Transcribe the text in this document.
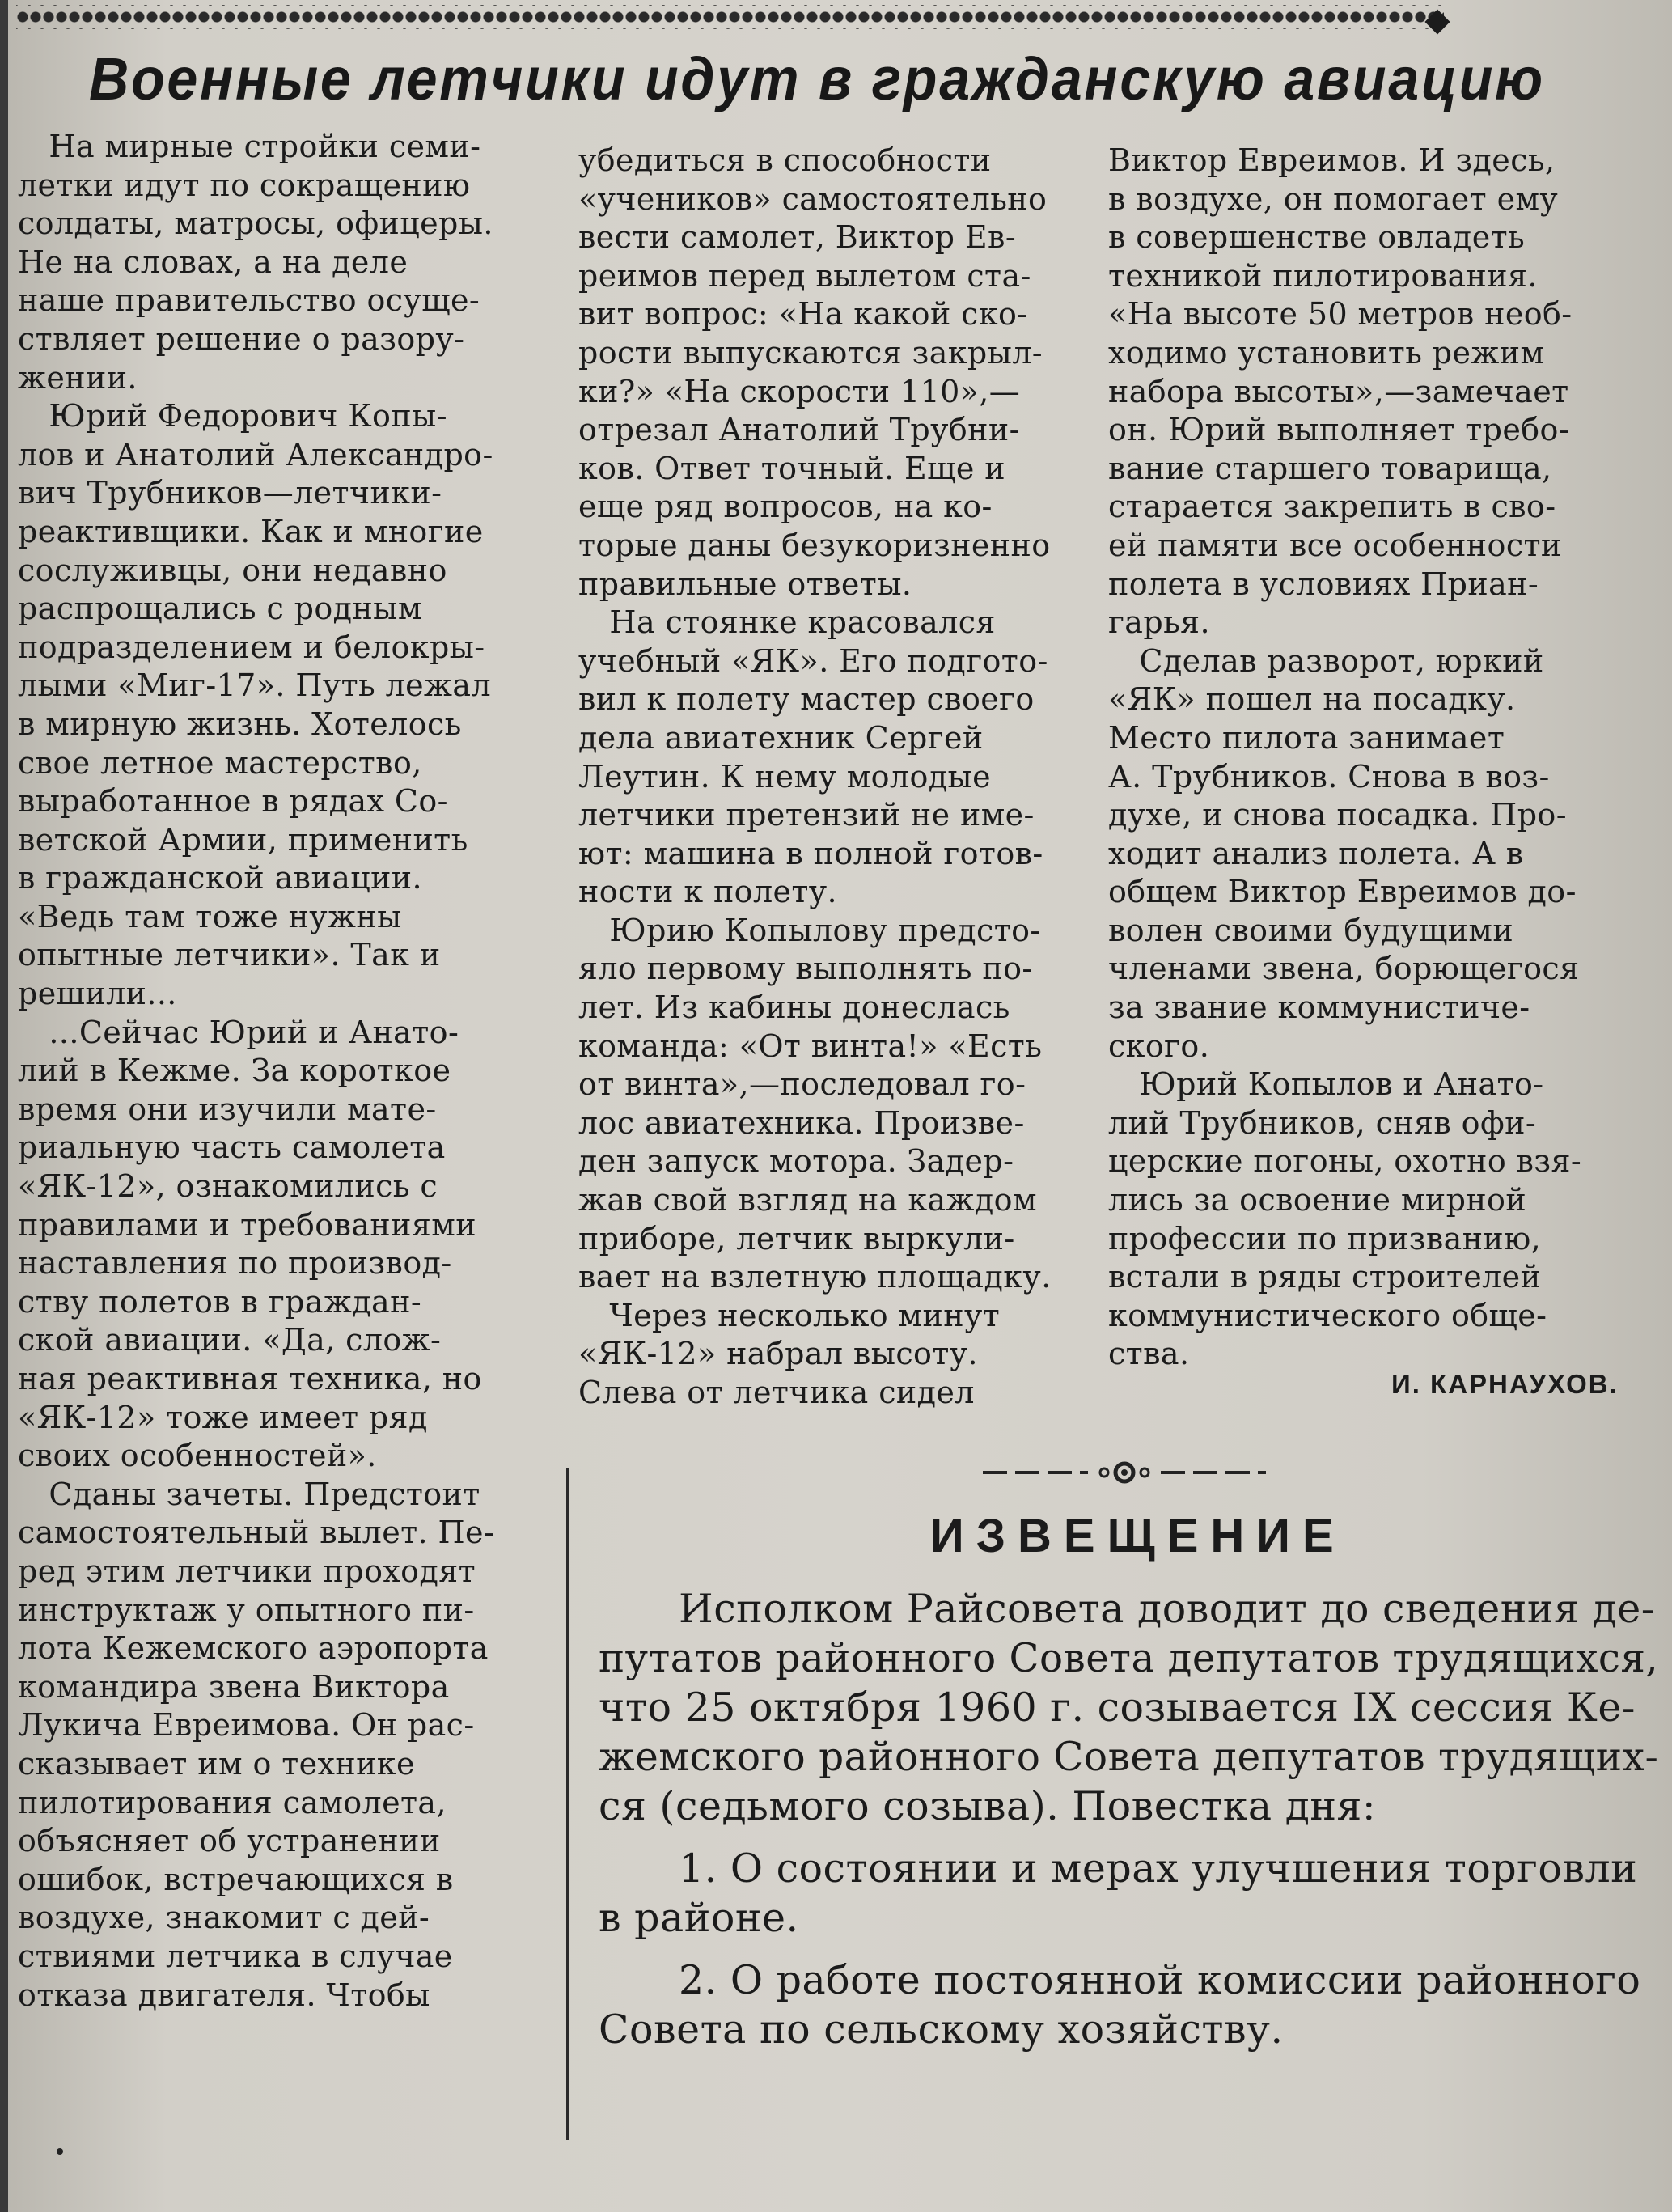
Военные летчики идут в гражданскую авиацию
 На мирные стройки семи-
летки идут по сокращению
солдаты, матросы, офицеры.
Не на словах, а на деле
наше правительство осуще-
ствляет решение о разору-
жении.
 Юрий Федорович Копы-
лов и Анатолий Александро-
вич Трубников—летчики-
реактивщики. Как и многие
сослуживцы, они недавно
распрощались с родным
подразделением и белокры-
лыми «Миг-17». Путь лежал
в мирную жизнь. Хотелось
свое летное мастерство,
выработанное в рядах Со-
ветской Армии, применить
в гражданской авиации.
«Ведь там тоже нужны
опытные летчики». Так и
решили...
 ...Сейчас Юрий и Анато-
лий в Кежме. За короткое
время они изучили мате-
риальную часть самолета
«ЯК-12», ознакомились с
правилами и требованиями
наставления по производ-
ству полетов в граждан-
ской авиации. «Да, слож-
ная реактивная техника, но
«ЯК-12» тоже имеет ряд
своих особенностей».
 Сданы зачеты. Предстоит
самостоятельный вылет. Пе-
ред этим летчики проходят
инструктаж у опытного пи-
лота Кежемского аэропорта
командира звена Виктора
Лукича Евреимова. Он рас-
сказывает им о технике
пилотирования самолета,
объясняет об устранении
ошибок, встречающихся в
воздухе, знакомит с дей-
ствиями летчика в случае
отказа двигателя. Чтобы
убедиться в способности
«учеников» самостоятельно
вести самолет, Виктор Ев-
реимов перед вылетом ста-
вит вопрос: «На какой ско-
рости выпускаются закрыл-
ки?» «На скорости 110»,—
отрезал Анатолий Трубни-
ков. Ответ точный. Еще и
еще ряд вопросов, на ко-
торые даны безукоризненно
правильные ответы.
 На стоянке красовался
учебный «ЯК». Его подгото-
вил к полету мастер своего
дела авиатехник Сергей
Леутин. К нему молодые
летчики претензий не име-
ют: машина в полной готов-
ности к полету.
 Юрию Копылову предсто-
яло первому выполнять по-
лет. Из кабины донеслась
команда: «От винта!» «Есть
от винта»,—последовал го-
лос авиатехника. Произве-
ден запуск мотора. Задер-
жав свой взгляд на каждом
приборе, летчик выркули-
вает на взлетную площадку.
 Через несколько минут
«ЯК-12» набрал высоту.
Слева от летчика сидел
Виктор Евреимов. И здесь,
в воздухе, он помогает ему
в совершенстве овладеть
техникой пилотирования.
«На высоте 50 метров необ-
ходимо установить режим
набора высоты»,—замечает
он. Юрий выполняет требо-
вание старшего товарища,
старается закрепить в сво-
ей памяти все особенности
полета в условиях Приан-
гарья.
 Сделав разворот, юркий
«ЯК» пошел на посадку.
Место пилота занимает
А. Трубников. Снова в воз-
духе, и снова посадка. Про-
ходит анализ полета. А в
общем Виктор Евреимов до-
волен своими будущими
членами звена, борющегося
за звание коммунистиче-
ского.
 Юрий Копылов и Анато-
лий Трубников, сняв офи-
церские погоны, охотно взя-
лись за освоение мирной
профессии по призванию,
встали в ряды строителей
коммунистического обще-
ства.
И. КАРНАУХОВ.
ИЗВЕЩЕНИЕ
  Исполком Райсовета доводит до сведения де-
путатов районного Совета депутатов трудящихся,
что 25 октября 1960 г. созывается IX сессия Ке-
жемского районного Совета депутатов трудящих-
ся (седьмого созыва). Повестка дня:
  1. О состоянии и мерах улучшения торговли
в районе.
  2. О работе постоянной комиссии районного
Совета по сельскому хозяйству.
